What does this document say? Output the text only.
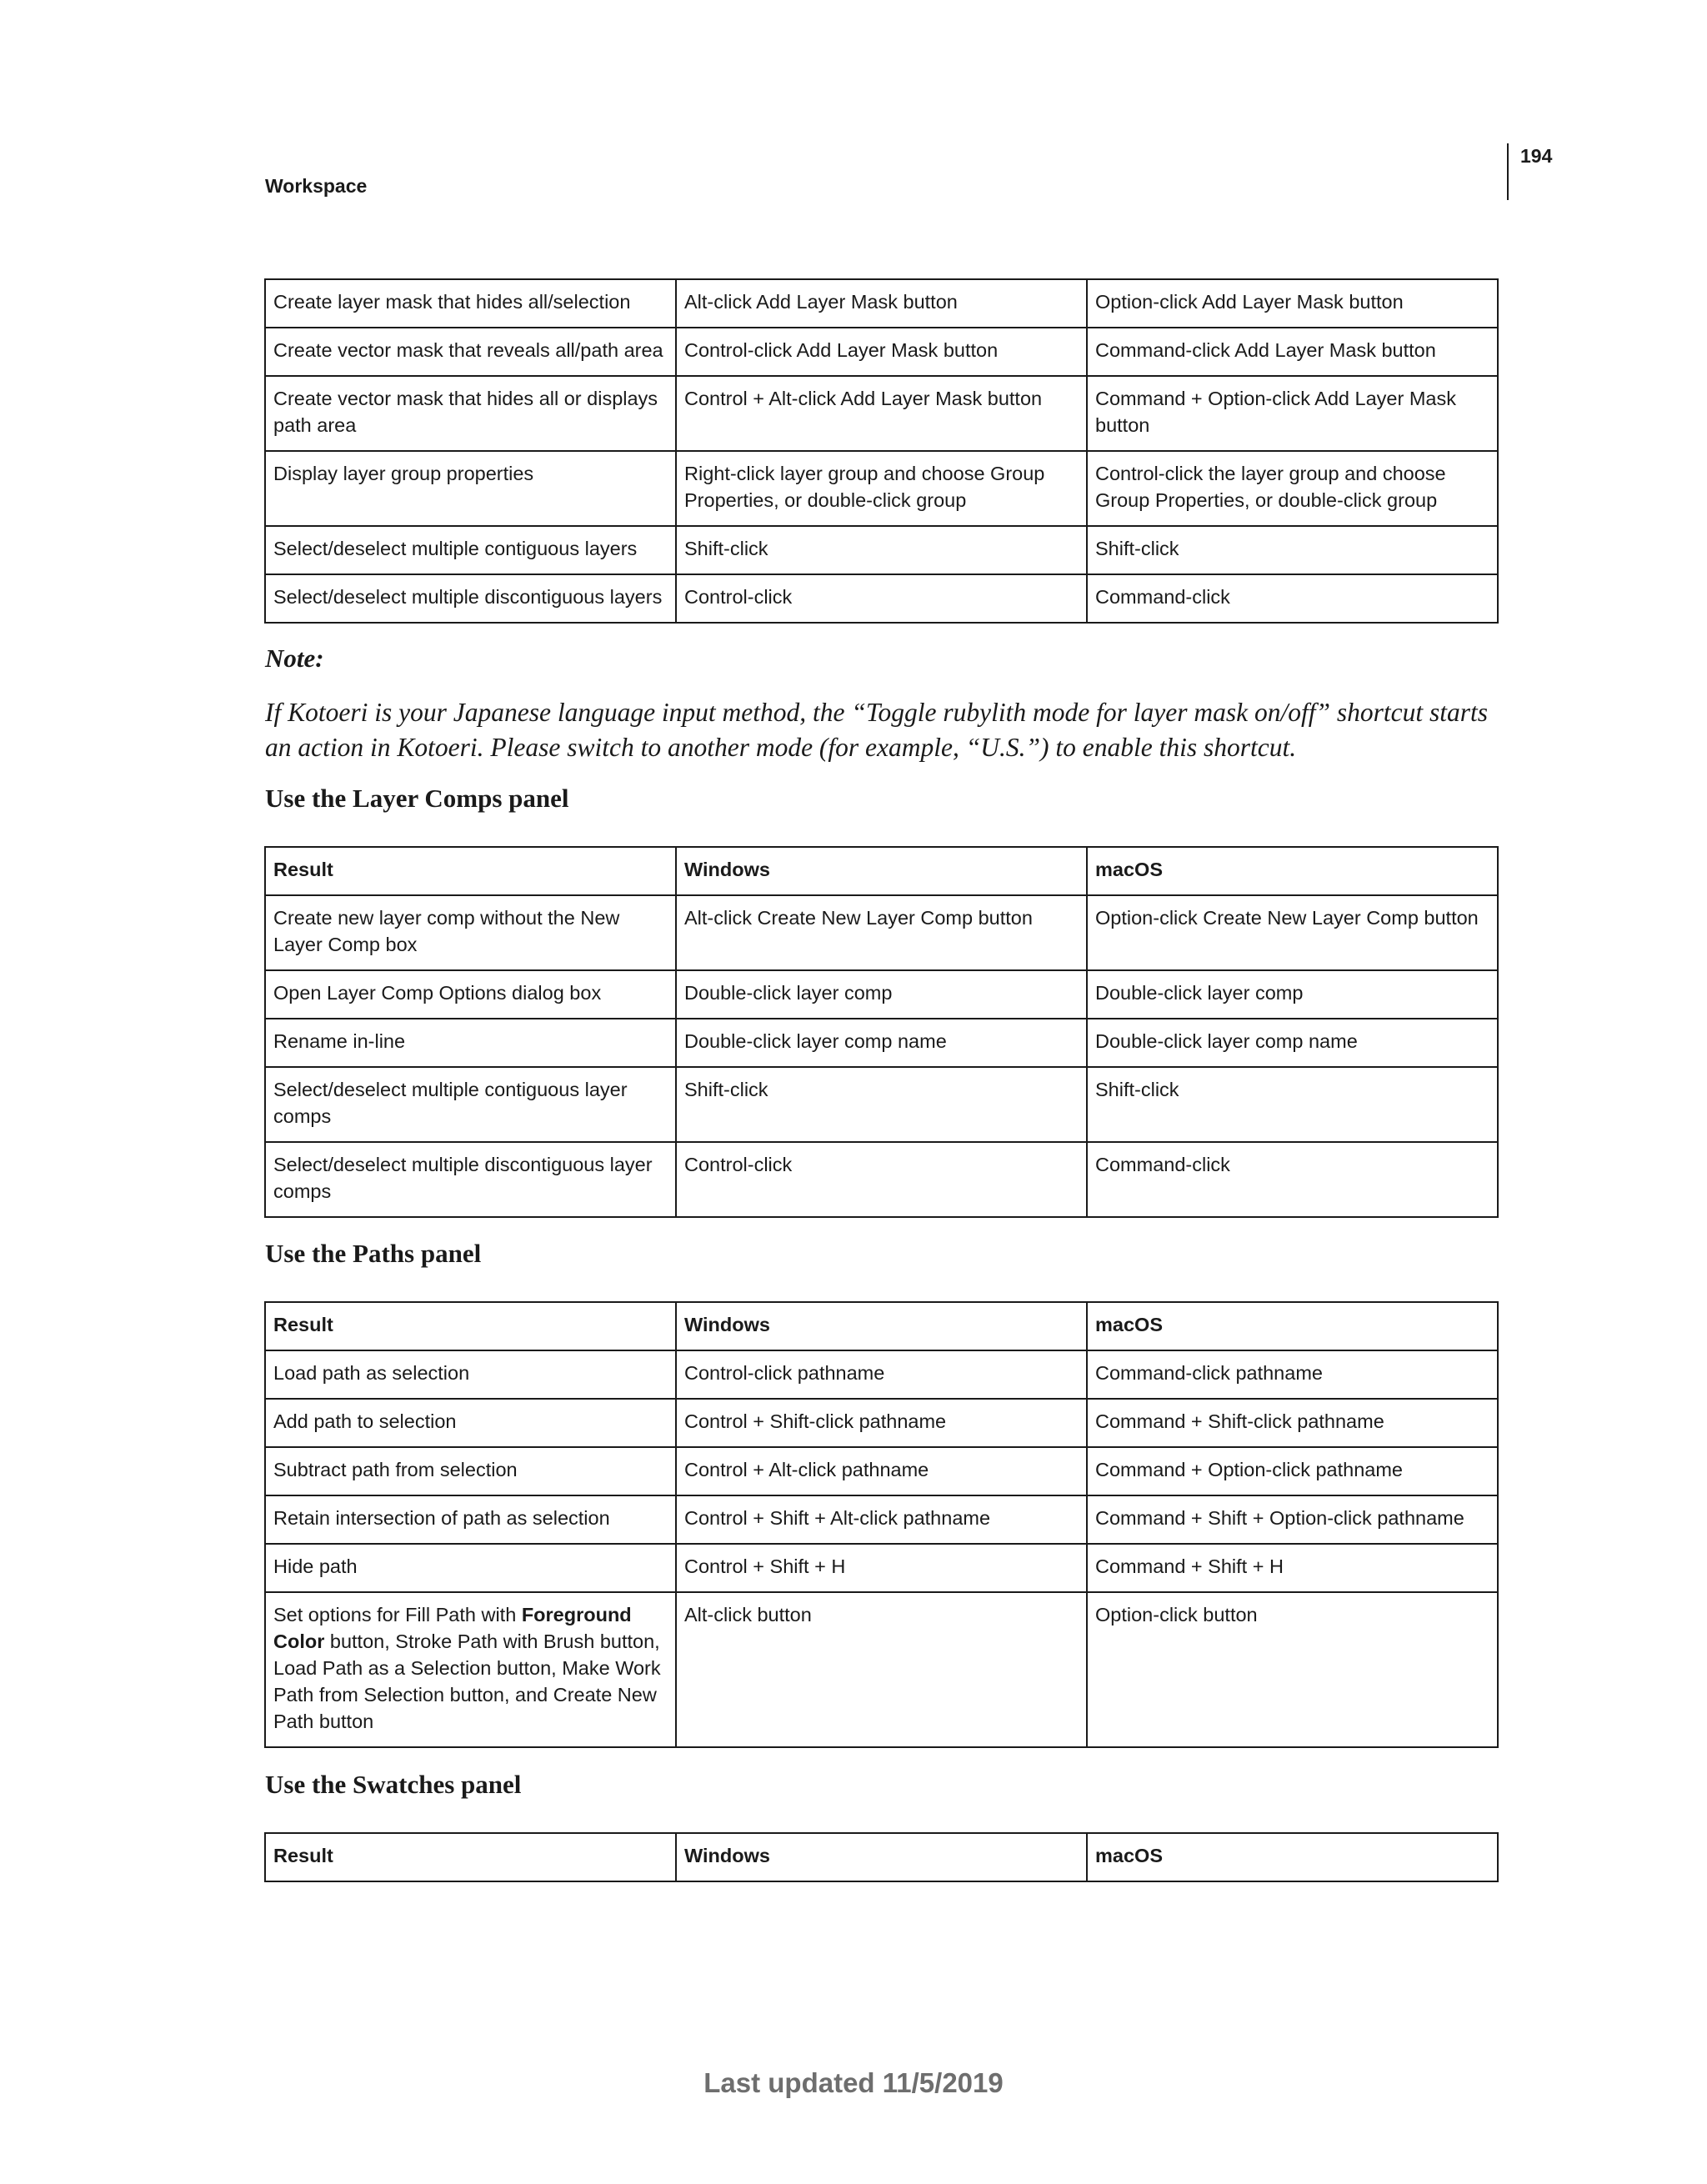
Workspace
194
Create layer mask that hides all/selection	Alt-click Add Layer Mask button	Option-click Add Layer Mask button
Create vector mask that reveals all/path area	Control-click Add Layer Mask button	Command-click Add Layer Mask button
Create vector mask that hides all or displays path area	Control + Alt-click Add Layer Mask button	Command + Option-click Add Layer Mask button
Display layer group properties	Right-click layer group and choose Group Properties, or double-click group	Control-click the layer group and choose Group Properties, or double-click group
Select/deselect multiple contiguous layers	Shift-click	Shift-click
Select/deselect multiple discontiguous layers	Control-click	Command-click
Note:
If Kotoeri is your Japanese language input method, the “Toggle rubylith mode for layer mask on/off” shortcut starts an action in Kotoeri. Please switch to another mode (for example, “U.S.”) to enable this shortcut.
Use the Layer Comps panel
Result	Windows	macOS
Create new layer comp without the New Layer Comp box	Alt-click Create New Layer Comp button	Option-click Create New Layer Comp button
Open Layer Comp Options dialog box	Double-click layer comp	Double-click layer comp
Rename in-line	Double-click layer comp name	Double-click layer comp name
Select/deselect multiple contiguous layer comps	Shift-click	Shift-click
Select/deselect multiple discontiguous layer comps	Control-click	Command-click
Use the Paths panel
Result	Windows	macOS
Load path as selection	Control-click pathname	Command-click pathname
Add path to selection	Control + Shift-click pathname	Command + Shift-click pathname
Subtract path from selection	Control + Alt-click pathname	Command + Option-click pathname
Retain intersection of path as selection	Control + Shift + Alt-click pathname	Command + Shift + Option-click pathname
Hide path	Control + Shift + H	Command + Shift + H
Set options for Fill Path with Foreground Color button, Stroke Path with Brush button, Load Path as a Selection button, Make Work Path from Selection button, and Create New Path button	Alt-click button	Option-click button
Use the Swatches panel
Result	Windows	macOS
Last updated 11/5/2019
